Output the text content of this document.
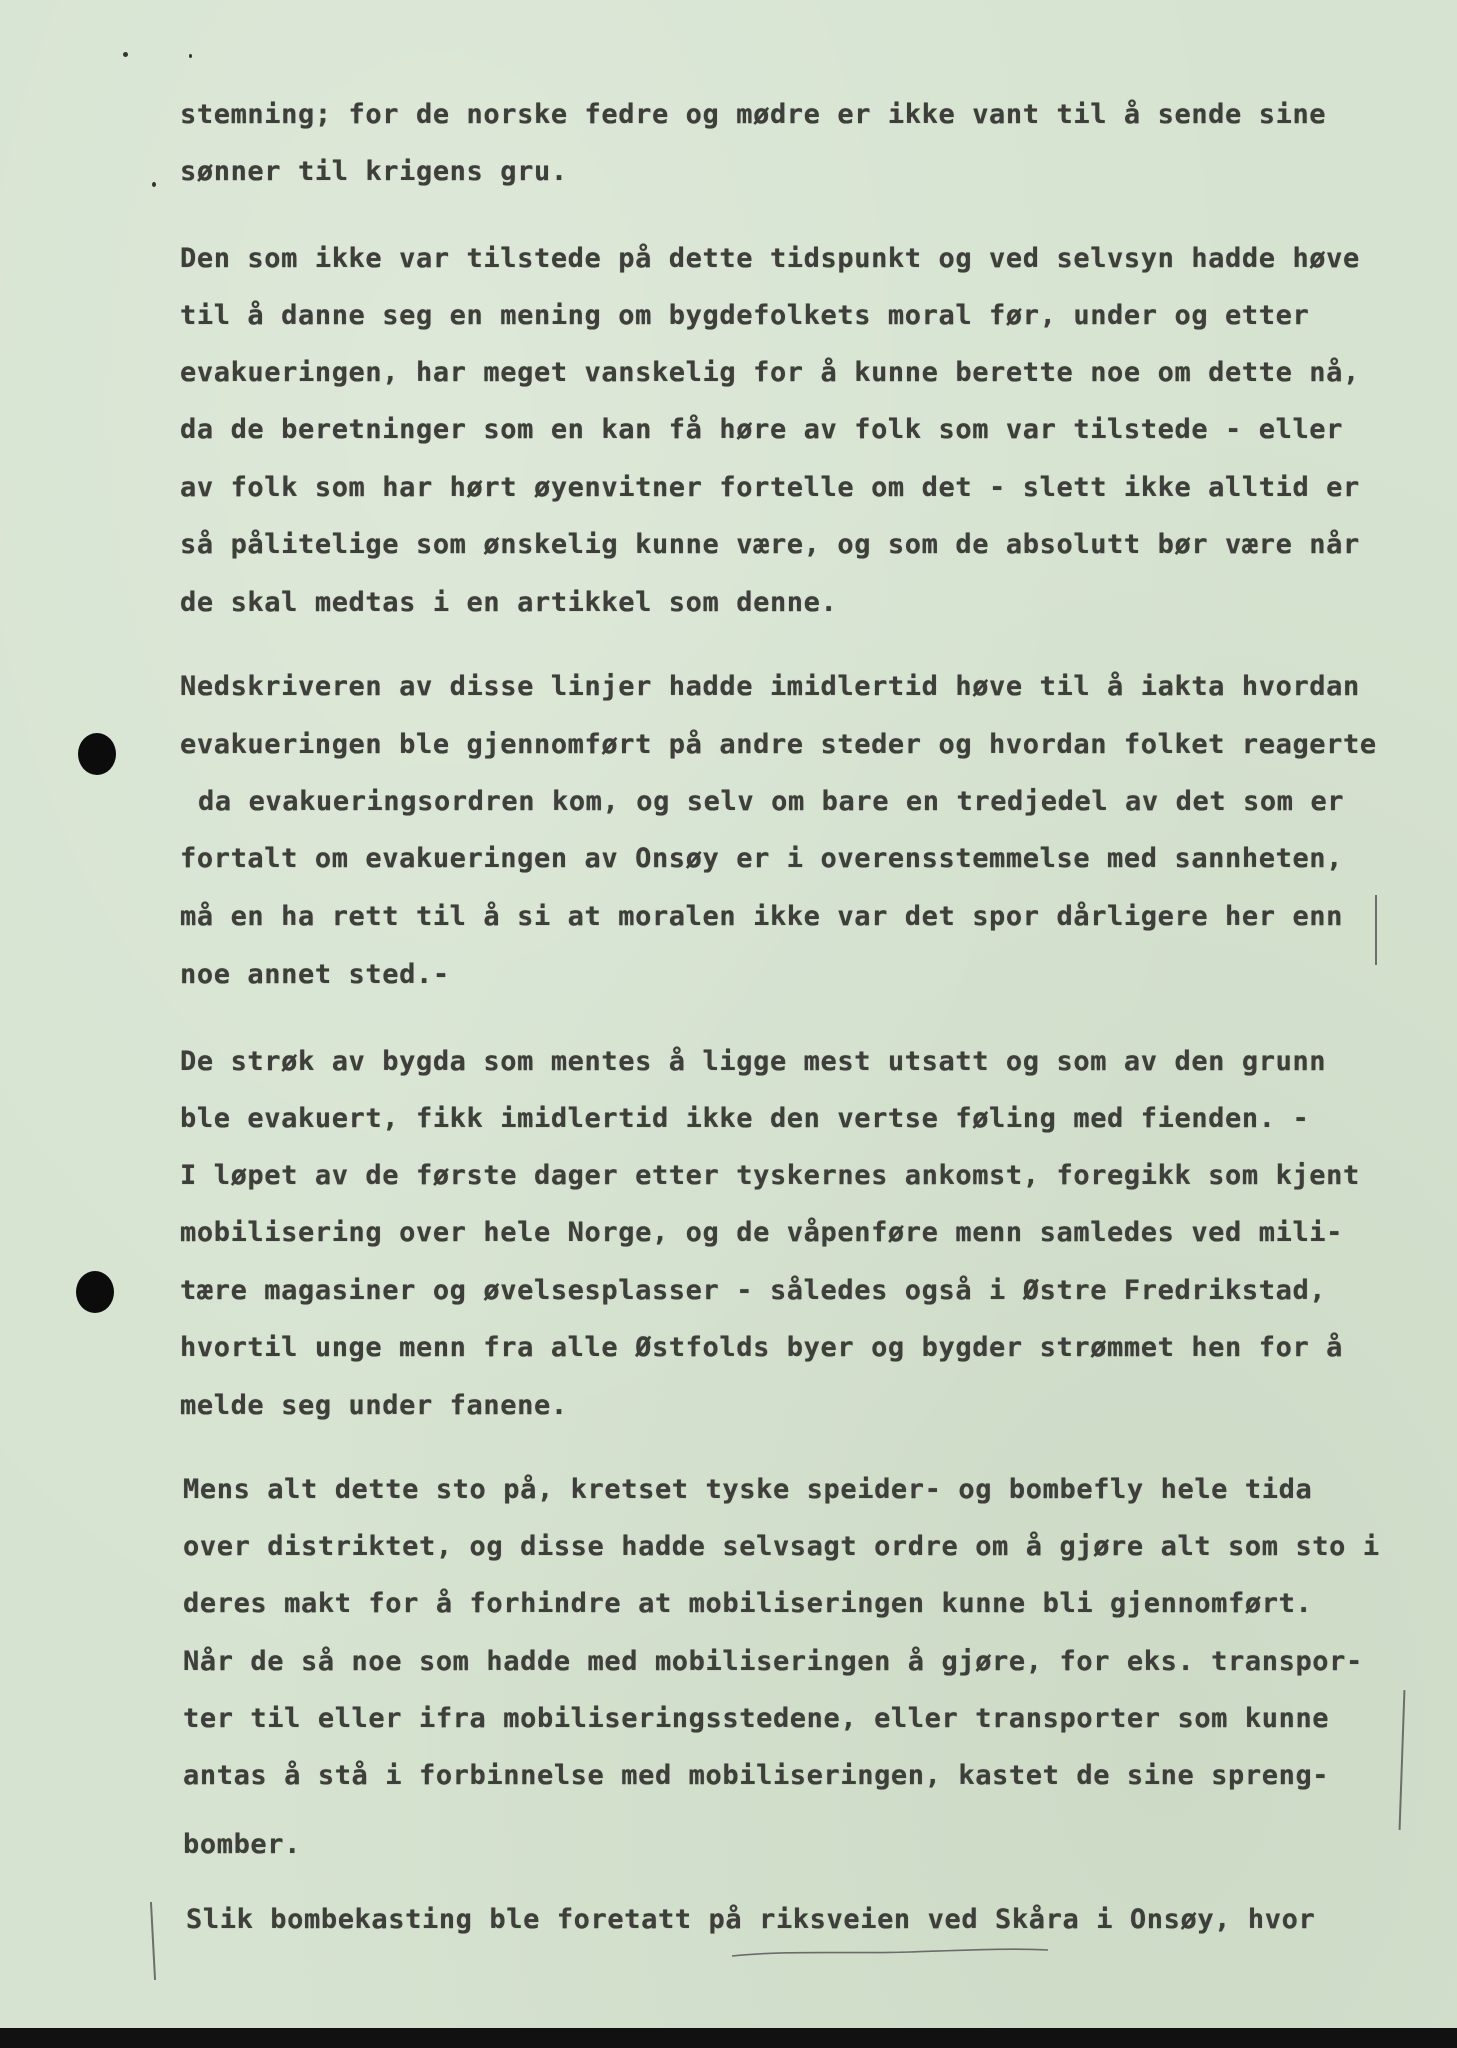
stemning; for de norske fedre og mødre er ikke vant til å sende sine
sønner til krigens gru.
Den som ikke var tilstede på dette tidspunkt og ved selvsyn hadde høve
til å danne seg en mening om bygdefolkets moral før, under og etter
evakueringen, har meget vanskelig for å kunne berette noe om dette nå,
da de beretninger som en kan få høre av folk som var tilstede - eller
av folk som har hørt øyenvitner fortelle om det - slett ikke alltid er
så pålitelige som ønskelig kunne være, og som de absolutt bør være når
de skal medtas i en artikkel som denne.
Nedskriveren av disse linjer hadde imidlertid høve til å iakta hvordan
evakueringen ble gjennomført på andre steder og hvordan folket reagerte
da evakueringsordren kom, og selv om bare en tredjedel av det som er
fortalt om evakueringen av Onsøy er i overensstemmelse med sannheten,
må en ha rett til å si at moralen ikke var det spor dårligere her enn
noe annet sted.-
De strøk av bygda som mentes å ligge mest utsatt og som av den grunn
ble evakuert, fikk imidlertid ikke den vertse føling med fienden. -
I løpet av de første dager etter tyskernes ankomst, foregikk som kjent
mobilisering over hele Norge, og de våpenføre menn samledes ved mili-
tære magasiner og øvelsesplasser - således også i Østre Fredrikstad,
hvortil unge menn fra alle Østfolds byer og bygder strømmet hen for å
melde seg under fanene.
Mens alt dette sto på, kretset tyske speider- og bombefly hele tida
over distriktet, og disse hadde selvsagt ordre om å gjøre alt som sto i
deres makt for å forhindre at mobiliseringen kunne bli gjennomført.
Når de så noe som hadde med mobiliseringen å gjøre, for eks. transpor-
ter til eller ifra mobiliseringsstedene, eller transporter som kunne
antas å stå i forbinnelse med mobiliseringen, kastet de sine spreng-
bomber.
Slik bombekasting ble foretatt på riksveien ved Skåra i Onsøy, hvor
